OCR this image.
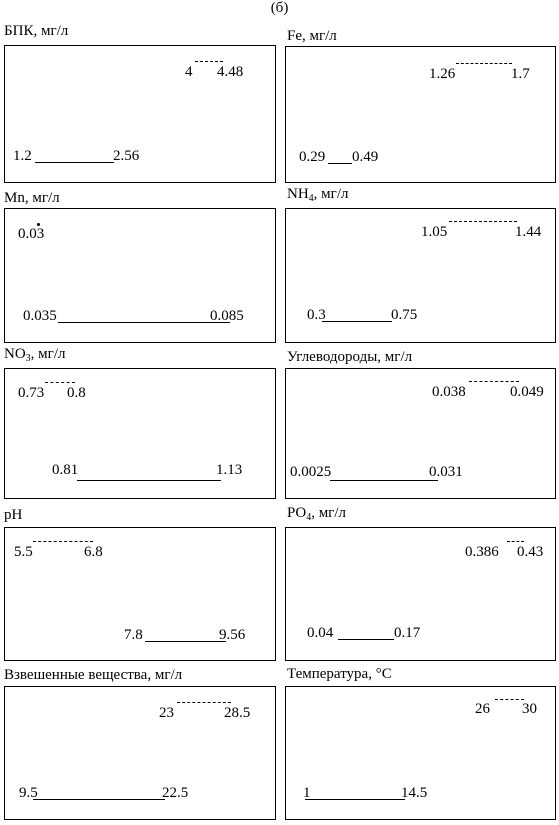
(б)
БПК, мг/л
4 4.48
1.2	2.56
Fe, мг/л
1.26	1.7
0.29 0.49
Mn, мг/л
0.03
0.035	0.085
$NH_4$, мг/л
1.05	1.44
0.3	0.75
$NO_3$, мг/л
0.73 0.8
0.81	1.13
Углеводороды, мг/л
0.038	0.049
0.0025	0.031
pH
5.5	6.8
7.8	9.56
$PO_4$, мг/л
0.386 0.43
0.04	0.17
Взвешенные вещества, мг/л
23	28.5
9.5	22.5
Температура, °С
26 30
1	14.5
